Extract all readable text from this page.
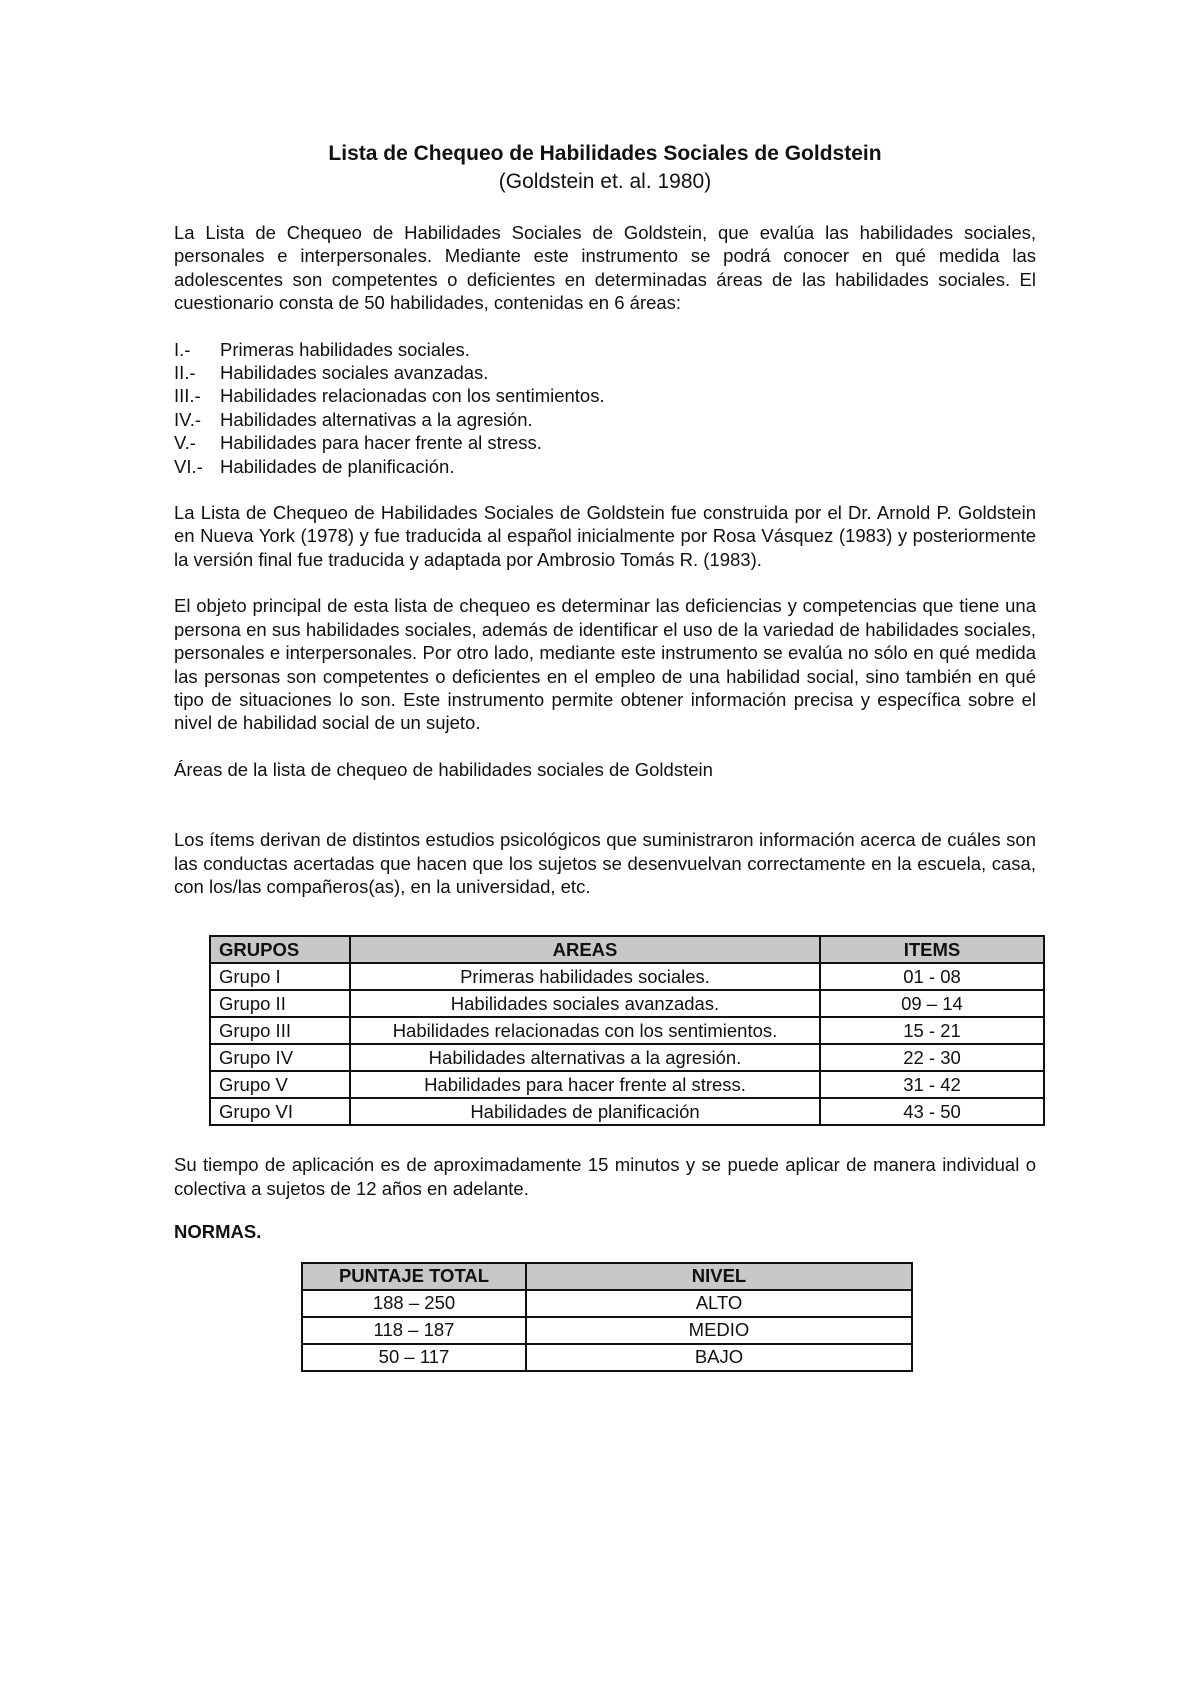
Lista de Chequeo de Habilidades Sociales de Goldstein
(Goldstein et. al. 1980)

La Lista de Chequeo de Habilidades Sociales de Goldstein, que evalúa las habilidades sociales, personales e interpersonales. Mediante este instrumento se podrá conocer en qué medida las adolescentes son competentes o deficientes en determinadas áreas de las habilidades sociales. El cuestionario consta de 50 habilidades, contenidas en 6 áreas:

I.-	Primeras habilidades sociales.
II.-	Habilidades sociales avanzadas.
III.-	Habilidades relacionadas con los sentimientos.
IV.-	Habilidades alternativas a la agresión.
V.-	Habilidades para hacer frente al stress.
VI.- Habilidades de planificación.

La Lista de Chequeo de Habilidades Sociales de Goldstein fue construida por el Dr. Arnold P. Goldstein en Nueva York (1978) y fue traducida al español inicialmente por Rosa Vásquez (1983) y posteriormente la versión final fue traducida y adaptada por Ambrosio Tomás R. (1983).

El objeto principal de esta lista de chequeo es determinar las deficiencias y competencias que tiene una persona en sus habilidades sociales, además de identificar el uso de la variedad de habilidades sociales, personales e interpersonales. Por otro lado, mediante este instrumento se evalúa no sólo en qué medida las personas son competentes o deficientes en el empleo de una habilidad social, sino también en qué tipo de situaciones lo son. Este instrumento permite obtener información precisa y específica sobre el nivel de habilidad social de un sujeto.

Áreas de la lista de chequeo de habilidades sociales de Goldstein

Los ítems derivan de distintos estudios psicológicos que suministraron información acerca de cuáles son las conductas acertadas que hacen que los sujetos se desenvuelvan correctamente en la escuela, casa, con los/las compañeros(as), en la universidad, etc.

GRUPOS	AREAS	ITEMS
Grupo I	Primeras habilidades sociales.	01 - 08
Grupo II	Habilidades sociales avanzadas.	09 – 14
Grupo III	Habilidades relacionadas con los sentimientos.	15 - 21
Grupo IV	Habilidades alternativas a la agresión.	22 - 30
Grupo V	Habilidades para hacer frente al stress.	31 - 42
Grupo VI	Habilidades de planificación	43 - 50

Su tiempo de aplicación es de aproximadamente 15 minutos y se puede aplicar de manera individual o colectiva a sujetos de 12 años en adelante.

NORMAS.

PUNTAJE TOTAL	NIVEL
188 – 250	ALTO
118 – 187	MEDIO
50 – 117	BAJO
